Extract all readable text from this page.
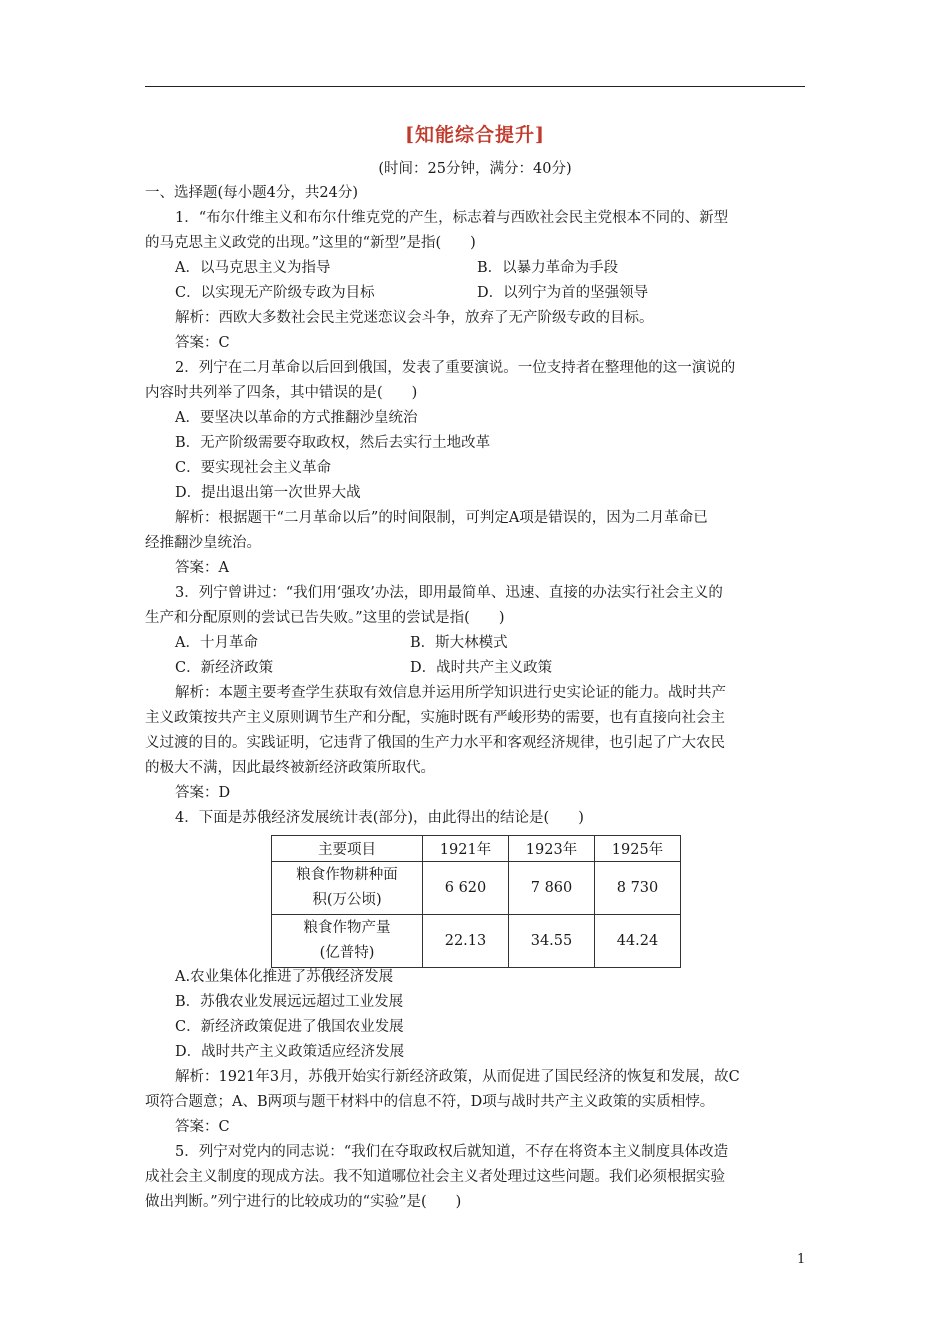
[知能综合提升]
(时间：25分钟，满分：40分)
一、选择题(每小题4分，共24分)
1．“布尔什维主义和布尔什维克党的产生，标志着与西欧社会民主党根本不同的、新型
的马克思主义政党的出现。”这里的“新型”是指(　　)
A．以马克思主义为指导	B．以暴力革命为手段
C．以实现无产阶级专政为目标	D．以列宁为首的坚强领导
解析：西欧大多数社会民主党迷恋议会斗争，放弃了无产阶级专政的目标。
答案：C
2．列宁在二月革命以后回到俄国，发表了重要演说。一位支持者在整理他的这一演说的
内容时共列举了四条，其中错误的是(　　)
A．要坚决以革命的方式推翻沙皇统治
B．无产阶级需要夺取政权，然后去实行土地改革
C．要实现社会主义革命
D．提出退出第一次世界大战
解析：根据题干“二月革命以后”的时间限制，可判定A项是错误的，因为二月革命已
经推翻沙皇统治。
答案：A
3．列宁曾讲过：“我们用‘强攻’办法，即用最简单、迅速、直接的办法实行社会主义的
生产和分配原则的尝试已告失败。”这里的尝试是指(　　)
A．十月革命	B．斯大林模式
C．新经济政策	D．战时共产主义政策
解析：本题主要考查学生获取有效信息并运用所学知识进行史实论证的能力。战时共产
主义政策按共产主义原则调节生产和分配，实施时既有严峻形势的需要，也有直接向社会主
义过渡的目的。实践证明，它违背了俄国的生产力水平和客观经济规律，也引起了广大农民
的极大不满，因此最终被新经济政策所取代。
答案：D
4．下面是苏俄经济发展统计表(部分)，由此得出的结论是(　　)
主要项目	1921年	1923年	1925年

粮食作物耕种面
积(万公顷)	6 620	7 860	8 730

粮食作物产量
(亿普特)	22.13	34.55	44.24
A.农业集体化推进了苏俄经济发展
B．苏俄农业发展远远超过工业发展
C．新经济政策促进了俄国农业发展
D．战时共产主义政策适应经济发展
解析：1921年3月，苏俄开始实行新经济政策，从而促进了国民经济的恢复和发展，故C
项符合题意；A、B两项与题干材料中的信息不符，D项与战时共产主义政策的实质相悖。
答案：C
5．列宁对党内的同志说：“我们在夺取政权后就知道，不存在将资本主义制度具体改造
成社会主义制度的现成方法。我不知道哪位社会主义者处理过这些问题。我们必须根据实验
做出判断。”列宁进行的比较成功的“实验”是(　　)
1
